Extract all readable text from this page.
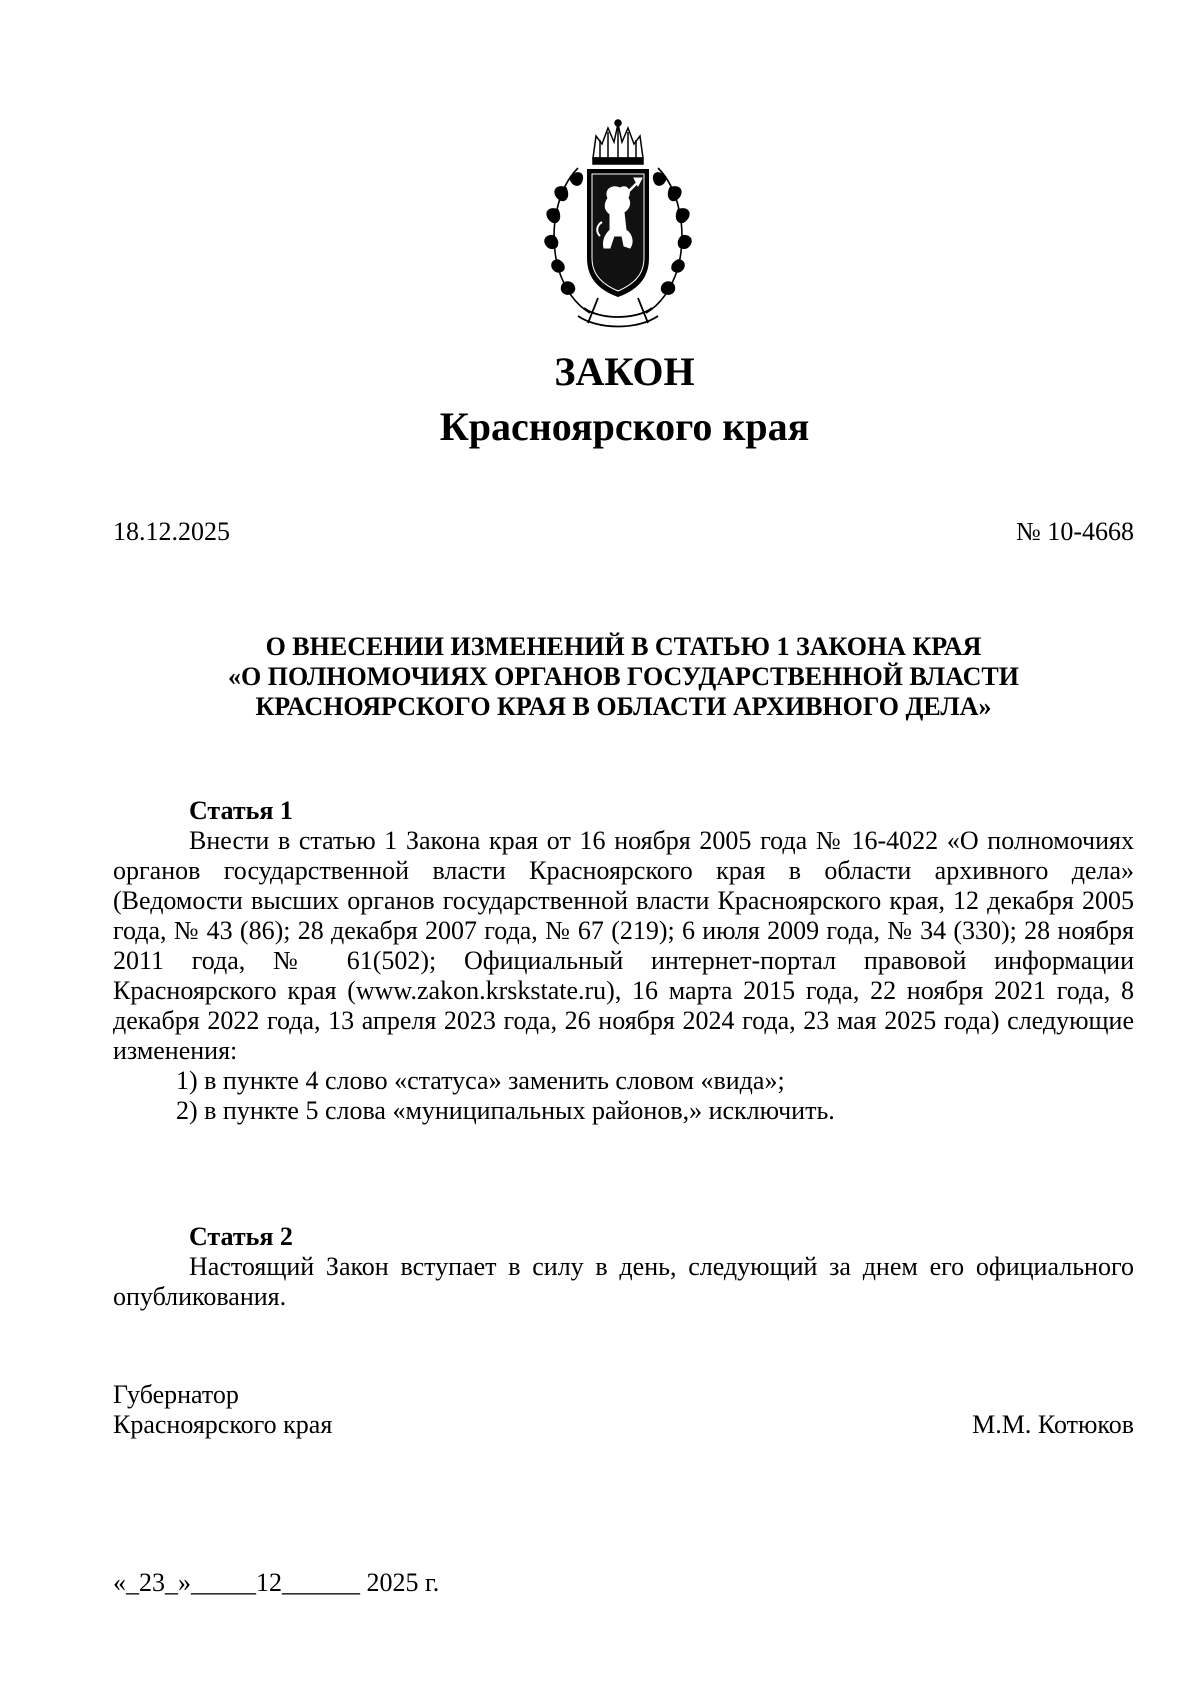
ЗАКОН
Красноярского края
18.12.2025	№ 10-4668
О ВНЕСЕНИИ ИЗМЕНЕНИЙ В СТАТЬЮ 1 ЗАКОНА КРАЯ
«О ПОЛНОМОЧИЯХ ОРГАНОВ ГОСУДАРСТВЕННОЙ ВЛАСТИ
КРАСНОЯРСКОГО КРАЯ В ОБЛАСТИ АРХИВНОГО ДЕЛА»
Статья 1

Внести в статью 1 Закона края от 16 ноября 2005 года № 16-4022 «О полномочиях органов государственной власти Красноярского края в области архивного дела» (Ведомости высших органов государственной власти Красноярского края, 12 декабря 2005 года, № 43 (86); 28 декабря 2007 года, № 67 (219); 6 июля 2009 года, № 34 (330); 28 ноября 2011 года, № 61(502); Официальный интернет-портал правовой информации Красноярского края (www.zakon.krskstate.ru), 16 марта 2015 года, 22 ноября 2021 года, 8 декабря 2022 года, 13 апреля 2023 года, 26 ноября 2024 года, 23 мая 2025 года) следующие изменения:

1) в пункте 4 слово «статуса» заменить словом «вида»;

2) в пункте 5 слова «муниципальных районов,» исключить.

Статья 2

Настоящий Закон вступает в силу в день, следующий за днем его официального опубликования.

Губернатор
Красноярского края	М.М. Котюков
«_23_»_____12______ 2025 г.
